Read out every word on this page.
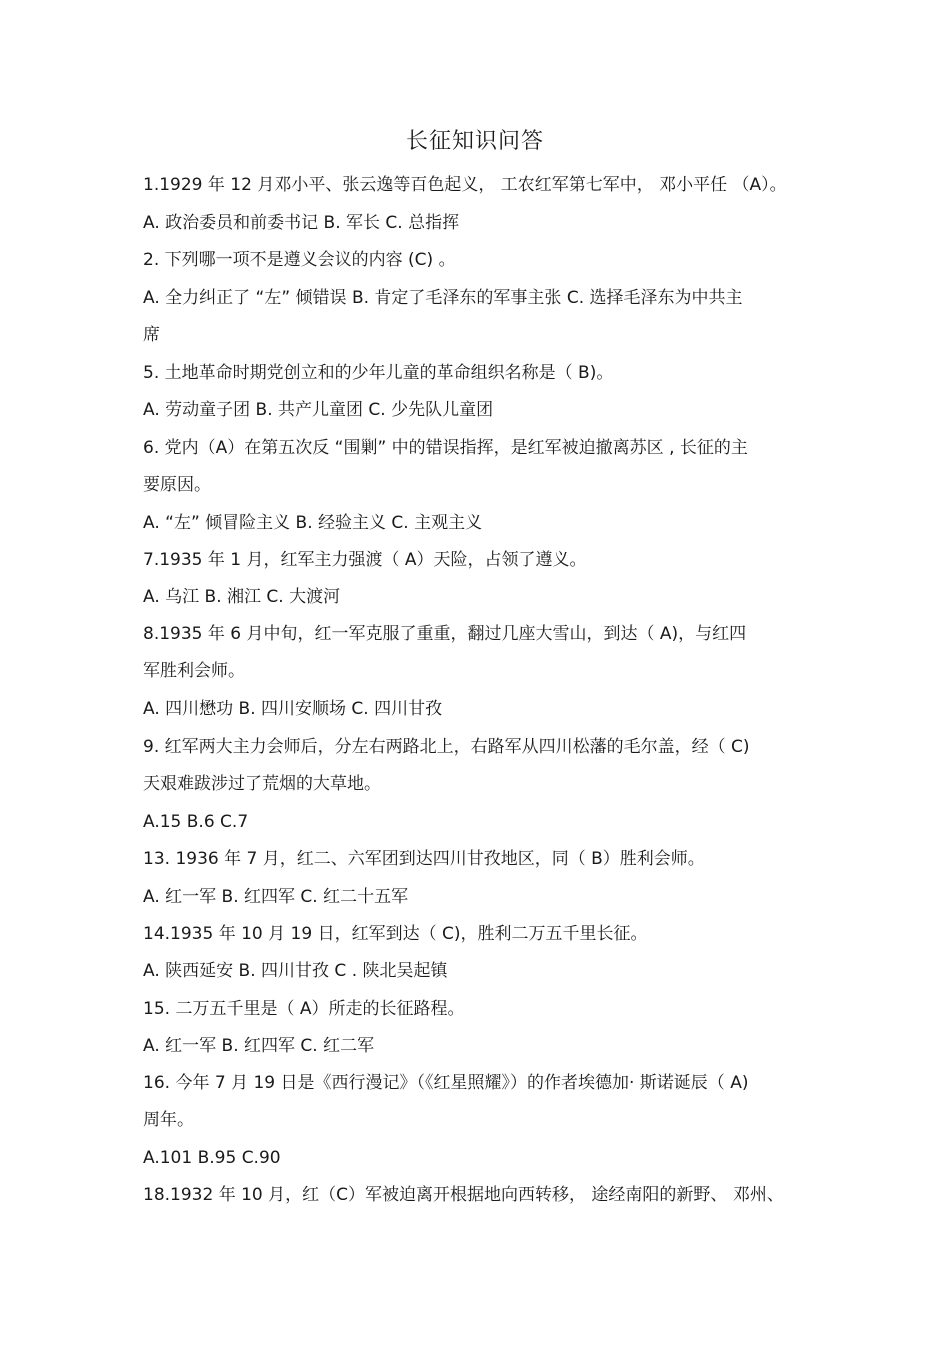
长征知识问答
1.1929 年 12 月邓小平、张云逸等百色起义， 工农红军第七军中， 邓小平任 （A）。
A. 政治委员和前委书记 B. 军长 C. 总指挥
2. 下列哪一项不是遵义会议的内容 (C) 。
A. 全力纠正了 “左” 倾错误 B. 肯定了毛泽东的军事主张 C. 选择毛泽东为中共主
席
5. 土地革命时期党创立和的少年儿童的革命组织名称是（ B)。
A. 劳动童子团 B. 共产儿童团 C. 少先队儿童团
6. 党内（A）在第五次反 “围剿” 中的错误指挥，是红军被迫撤离苏区 , 长征的主
要原因。
A. “左” 倾冒险主义 B. 经验主义 C. 主观主义
7.1935 年 1 月，红军主力强渡（ A）天险，占领了遵义。
A. 乌江 B. 湘江 C. 大渡河
8.1935 年 6 月中旬，红一军克服了重重，翻过几座大雪山，到达（ A)，与红四
军胜利会师。
A. 四川懋功 B. 四川安顺场 C. 四川甘孜
9. 红军两大主力会师后，分左右两路北上，右路军从四川松藩的毛尔盖，经（ C)
天艰难跋涉过了荒烟的大草地。
A.15 B.6 C.7
13. 1936 年 7 月，红二、六军团到达四川甘孜地区，同（ B）胜利会师。
A. 红一军 B. 红四军 C. 红二十五军
14.1935 年 10 月 19 日，红军到达（ C)，胜利二万五千里长征。
A. 陕西延安 B. 四川甘孜 C . 陕北吴起镇
15. 二万五千里是（ A）所走的长征路程。
A. 红一军 B. 红四军 C. 红二军
16. 今年 7 月 19 日是《西行漫记》（《红星照耀》）的作者埃德加· 斯诺诞辰（ A)
周年。
A.101 B.95 C.90
18.1932 年 10 月，红（C）军被迫离开根据地向西转移， 途经南阳的新野、 邓州、
